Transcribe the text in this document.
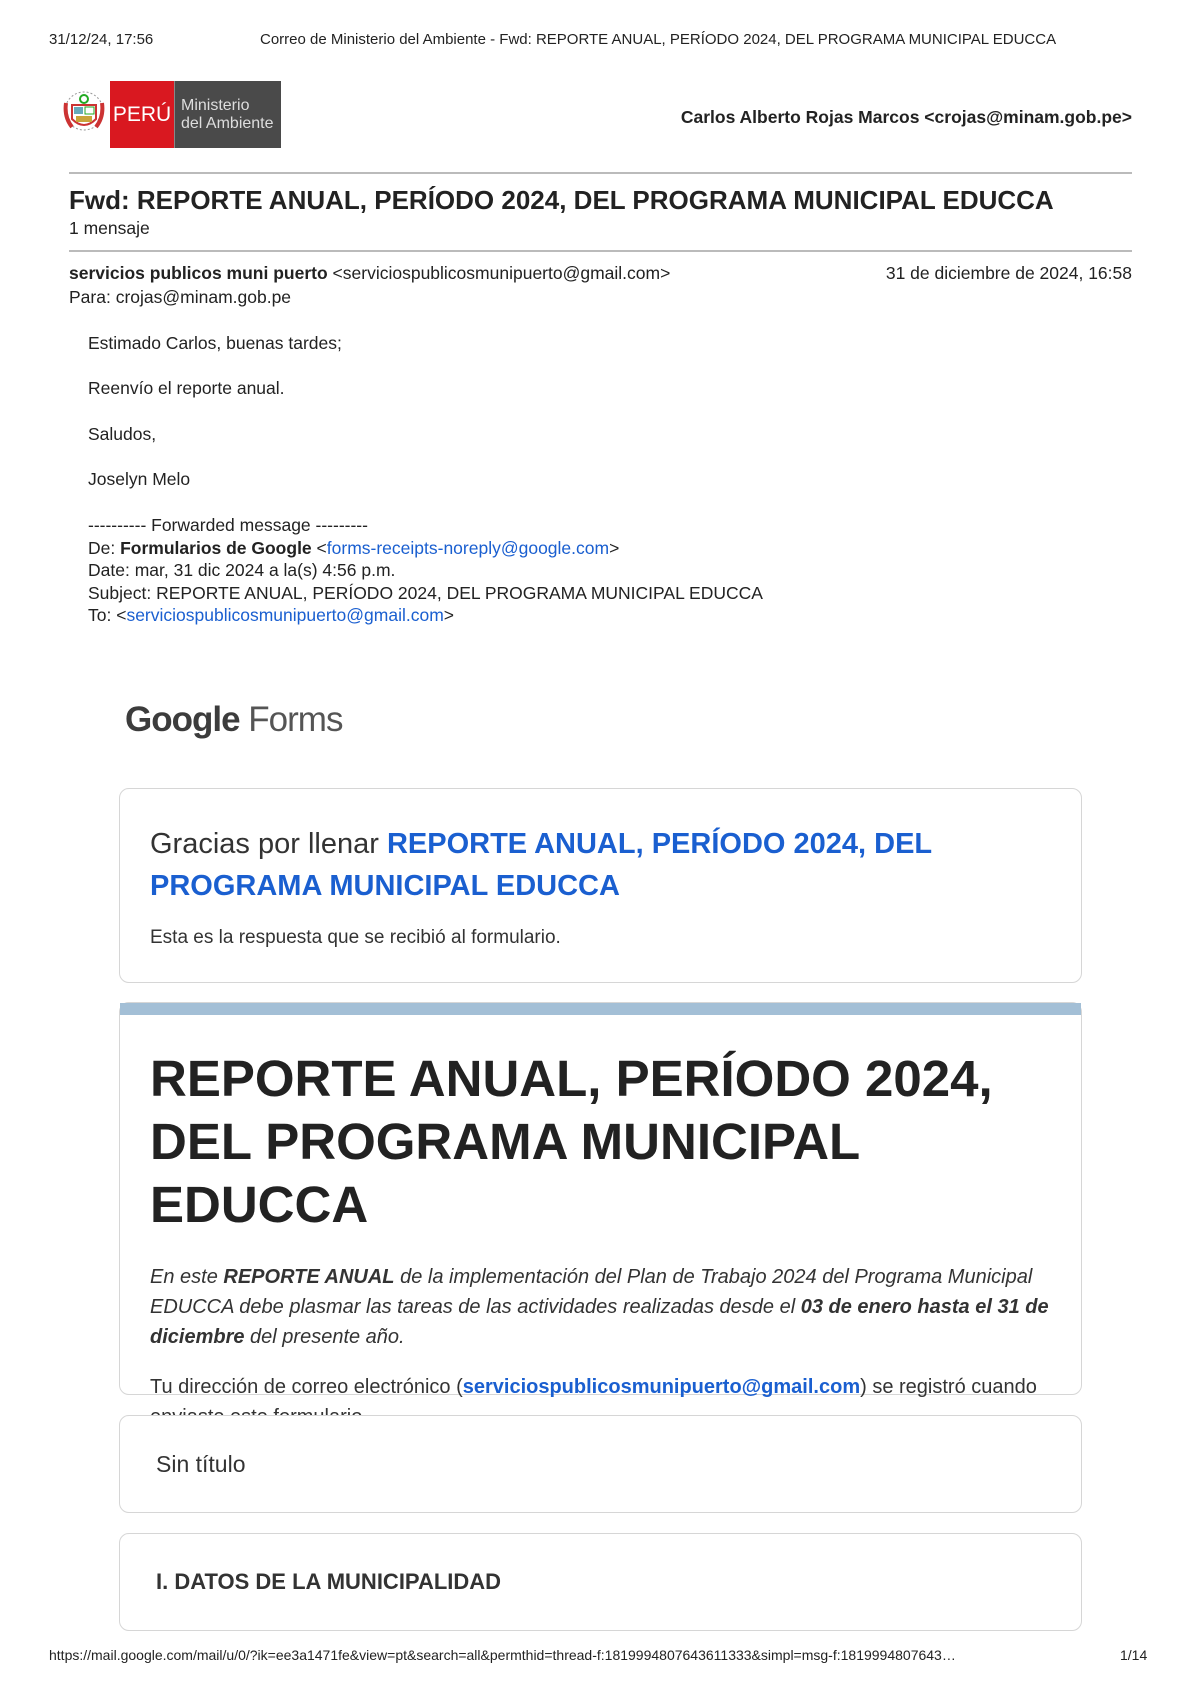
31/12/24, 17:56	Correo de Ministerio del Ambiente - Fwd: REPORTE ANUAL, PERÍODO 2024, DEL PROGRAMA MUNICIPAL EDUCCA
PERÚ Ministerio
del Ambiente	Carlos Alberto Rojas Marcos <crojas@minam.gob.pe>
Fwd: REPORTE ANUAL, PERÍODO 2024, DEL PROGRAMA MUNICIPAL EDUCCA
1 mensaje
servicios publicos muni puerto <serviciospublicosmunipuerto@gmail.com>	31 de diciembre de 2024, 16:58
Para: crojas@minam.gob.pe
Estimado Carlos, buenas tardes;
Reenvío el reporte anual.
Saludos,
Joselyn Melo
---------- Forwarded message ---------
De: Formularios de Google <forms-receipts-noreply@google.com>
Date: mar, 31 dic 2024 a la(s) 4:56 p.m.
Subject: REPORTE ANUAL, PERÍODO 2024, DEL PROGRAMA MUNICIPAL EDUCCA
To: <serviciospublicosmunipuerto@gmail.com>
Google Forms
Gracias por llenar REPORTE ANUAL, PERÍODO 2024, DEL PROGRAMA MUNICIPAL EDUCCA
Esta es la respuesta que se recibió al formulario.
REPORTE ANUAL, PERÍODO 2024, DEL PROGRAMA MUNICIPAL EDUCCA
En este REPORTE ANUAL de la implementación del Plan de Trabajo 2024 del Programa Municipal EDUCCA debe plasmar las tareas de las actividades realizadas desde el 03 de enero hasta el 31 de diciembre del presente año.
Tu dirección de correo electrónico (serviciospublicosmunipuerto@gmail.com) se registró cuando
Sin título
I. DATOS DE LA MUNICIPALIDAD
https://mail.google.com/mail/u/0/?ik=ee3a1471fe&view=pt&search=all&permthid=thread-f:1819994807643611333&simpl=msg-f:1819994807643…	1/14
